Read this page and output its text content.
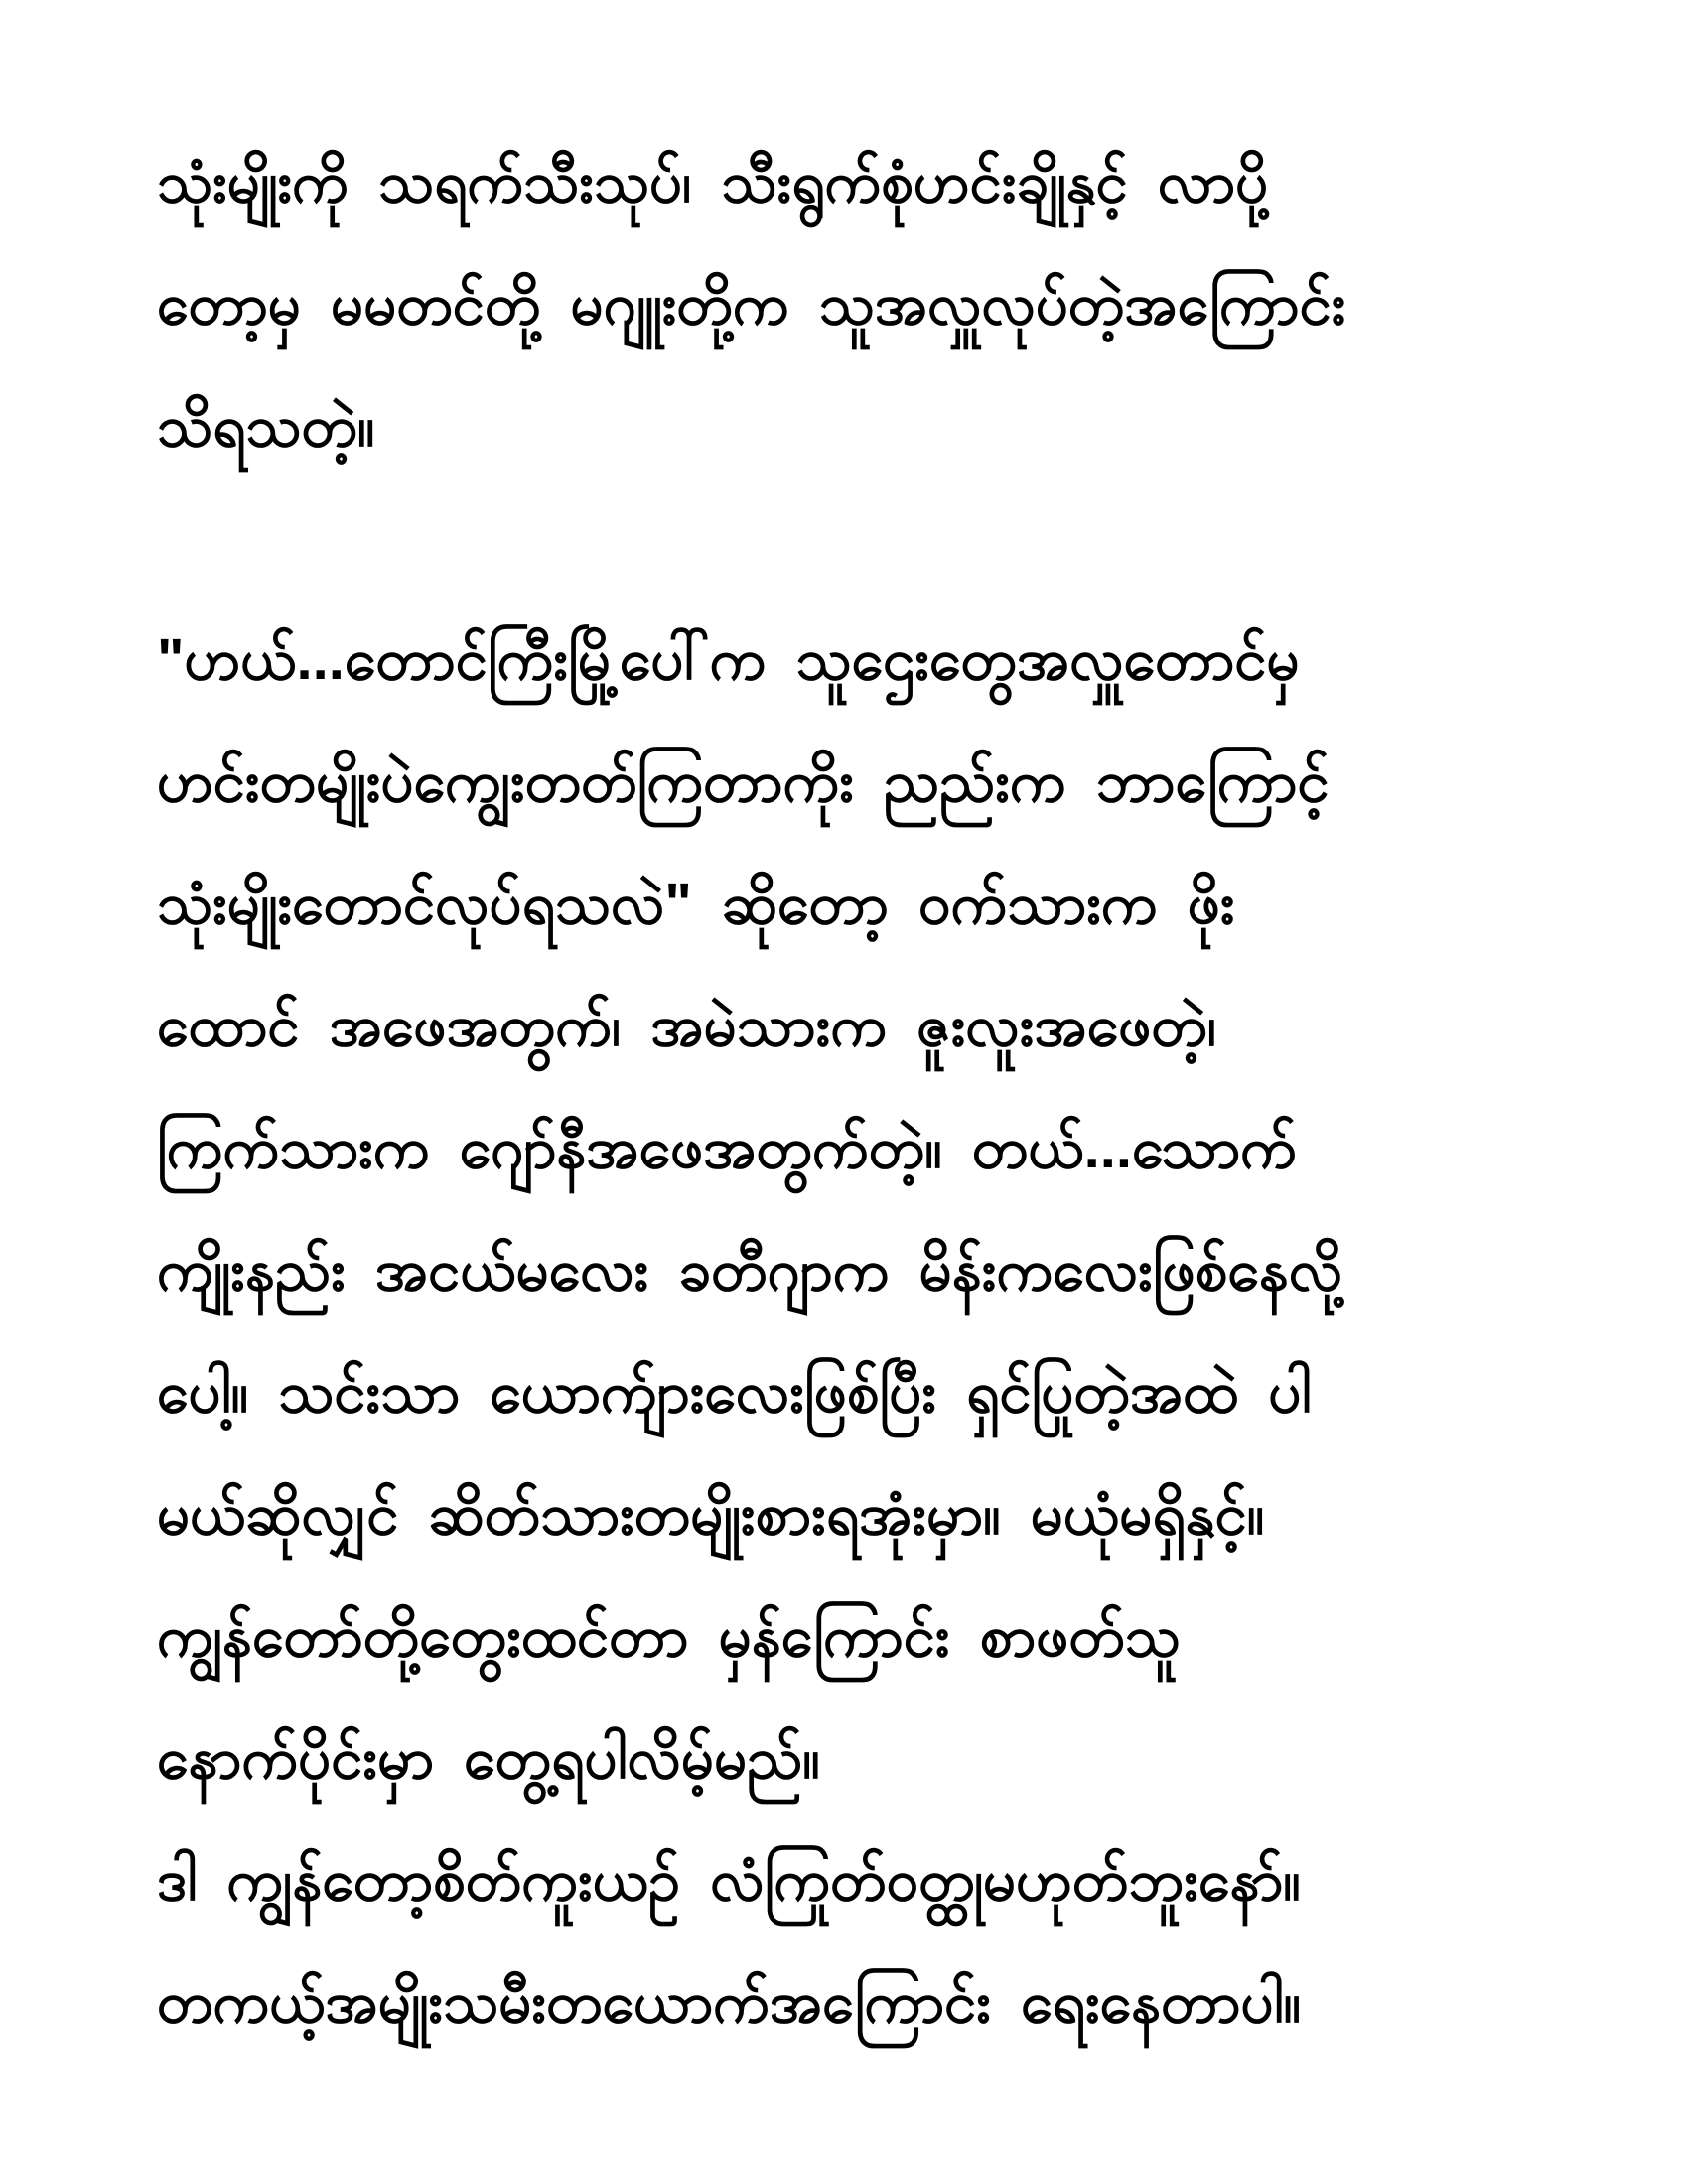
သုံးမျိုးကို သရက်သီးသုပ်၊ သီးရွက်စုံဟင်းချိုနှင့် လာပို့
တော့မှ မမတင်တို့ မဂျူးတို့က သူအလှူလုပ်တဲ့အကြောင်း
သိရသတဲ့။
"ဟယ်...တောင်ကြီးမြို့ပေါ်က သူဌေးတွေအလှူတောင်မှ
ဟင်းတမျိုးပဲကျွေးတတ်ကြတာကိုး ညည်းက ဘာကြောင့်
သုံးမျိုးတောင်လုပ်ရသလဲ" ဆိုတော့ ဝက်သားက ဖိုး
ထောင် အဖေအတွက်၊ အမဲသားက ဇူးလူးအဖေတဲ့၊
ကြက်သားက ဂျော်နီအဖေအတွက်တဲ့။ တယ်...သောက်
ကျိုးနည်း အငယ်မလေး ခတီဂျာက မိန်းကလေးဖြစ်နေလို့
ပေါ့။ သင်းသာ ယောက်ျားလေးဖြစ်ပြီး ရှင်ပြုတဲ့အထဲ ပါ
မယ်ဆိုလျှင် ဆိတ်သားတမျိုးစားရအုံးမှာ။ မယုံမရှိနှင့်။
ကျွန်တော်တို့တွေးထင်တာ မှန်ကြောင်း စာဖတ်သူ
နောက်ပိုင်းမှာ တွေ့ရပါလိမ့်မည်။
ဒါ ကျွန်တော့စိတ်ကူးယဉ် လံကြုတ်ဝတ္ထုမဟုတ်ဘူးနော်။
တကယ့်အမျိုးသမီးတယောက်အကြောင်း ရေးနေတာပါ။
